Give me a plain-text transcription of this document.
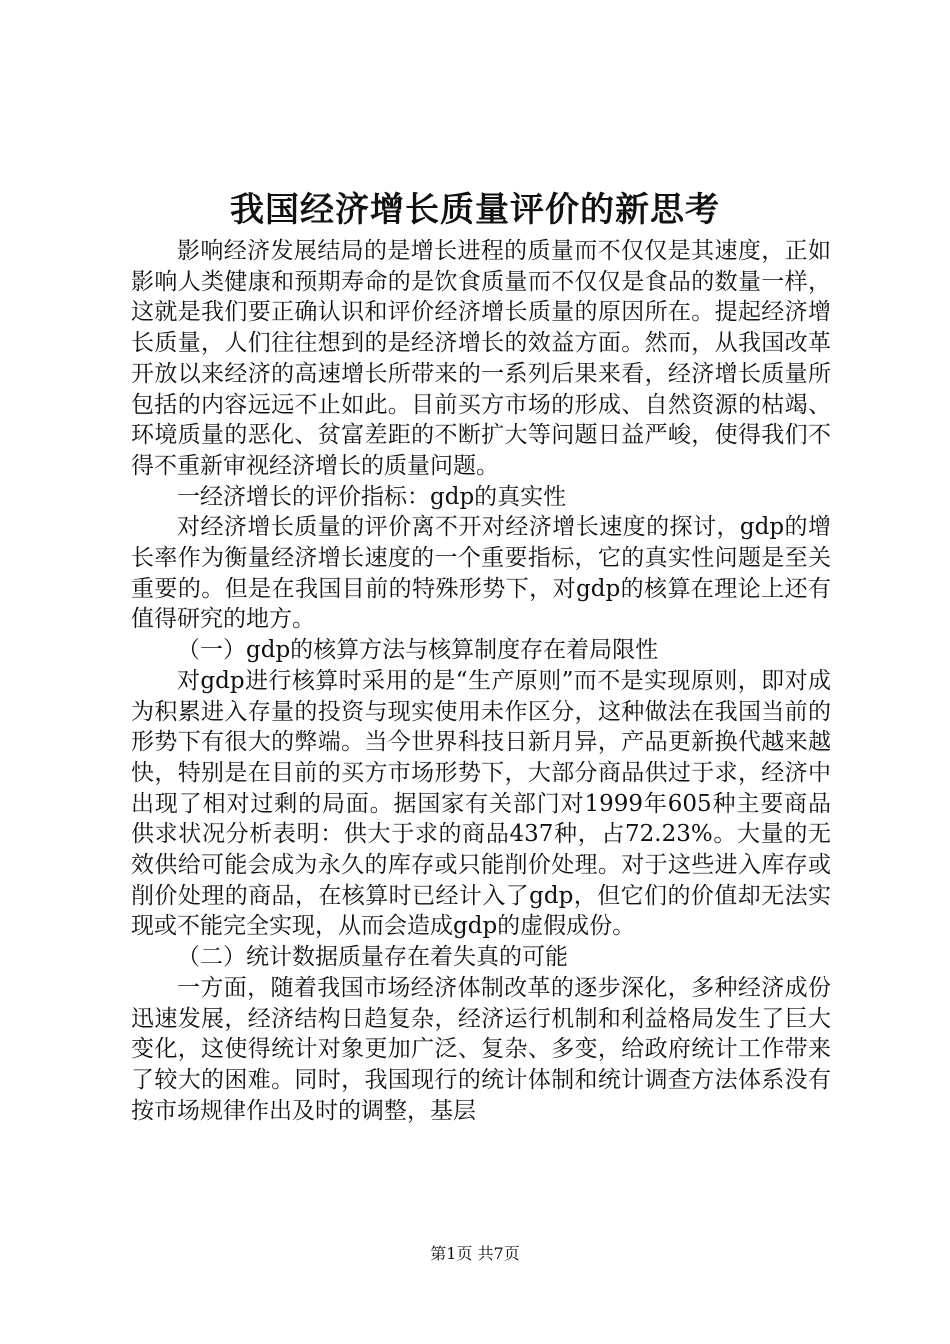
我国经济增长质量评价的新思考

影响经济发展结局的是增长进程的质量而不仅仅是其速度，正如影响人类健康和预期寿命的是饮食质量而不仅仅是食品的数量一样，这就是我们要正确认识和评价经济增长质量的原因所在。提起经济增长质量，人们往往想到的是经济增长的效益方面。然而，从我国改革开放以来经济的高速增长所带来的一系列后果来看，经济增长质量所包括的内容远远不止如此。目前买方市场的形成、自然资源的枯竭、环境质量的恶化、贫富差距的不断扩大等问题日益严峻，使得我们不得不重新审视经济增长的质量问题。

一经济增长的评价指标：gdp的真实性

对经济增长质量的评价离不开对经济增长速度的探讨，gdp的增长率作为衡量经济增长速度的一个重要指标，它的真实性问题是至关重要的。但是在我国目前的特殊形势下，对gdp的核算在理论上还有值得研究的地方。

（一）gdp的核算方法与核算制度存在着局限性

对gdp进行核算时采用的是“生产原则”而不是实现原则，即对成为积累进入存量的投资与现实使用未作区分，这种做法在我国当前的形势下有很大的弊端。当今世界科技日新月异，产品更新换代越来越快，特别是在目前的买方市场形势下，大部分商品供过于求，经济中出现了相对过剩的局面。据国家有关部门对1999年605种主要商品供求状况分析表明：供大于求的商品437种，占72.23%。大量的无效供给可能会成为永久的库存或只能削价处理。对于这些进入库存或削价处理的商品，在核算时已经计入了gdp，但它们的价值却无法实现或不能完全实现，从而会造成gdp的虚假成份。

（二）统计数据质量存在着失真的可能

一方面，随着我国市场经济体制改革的逐步深化，多种经济成份迅速发展，经济结构日趋复杂，经济运行机制和利益格局发生了巨大变化，这使得统计对象更加广泛、复杂、多变，给政府统计工作带来了较大的困难。同时，我国现行的统计体制和统计调查方法体系没有按市场规律作出及时的调整，基层

第1页 共7页
